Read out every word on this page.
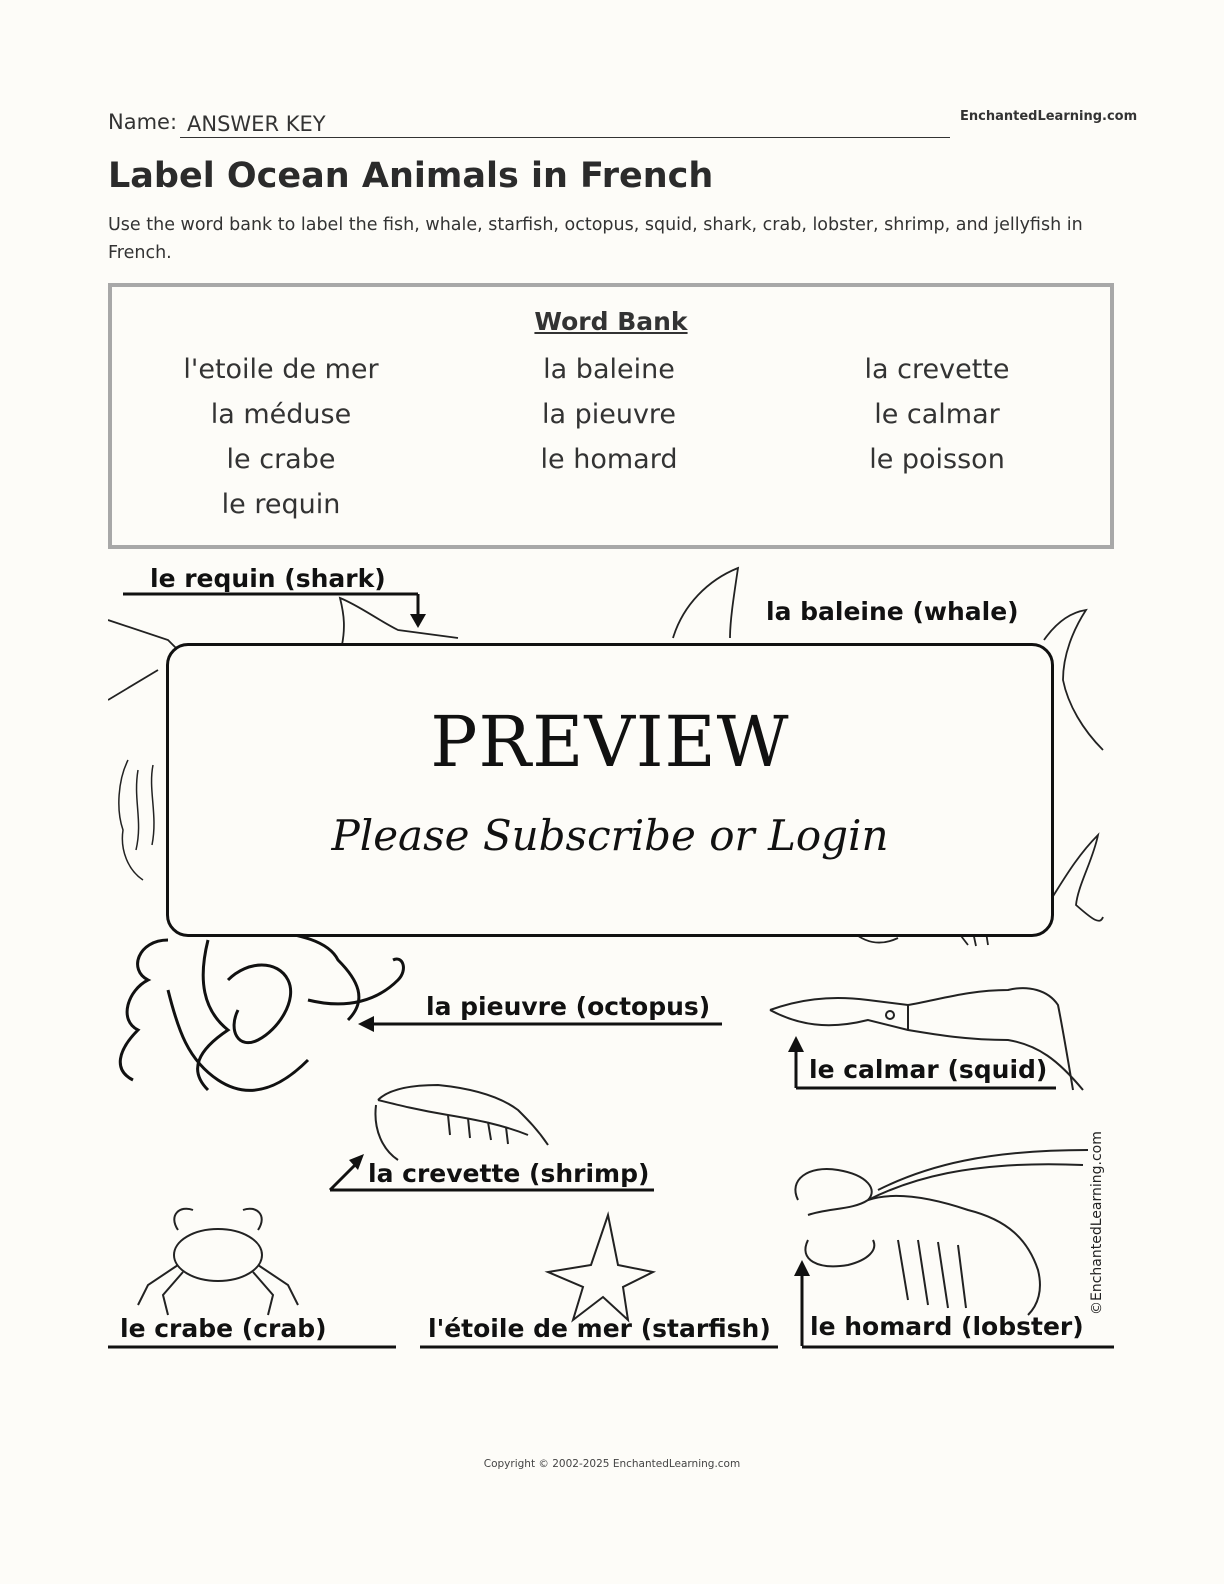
Name: ANSWER KEY	EnchantedLearning.com
Label Ocean Animals in French

Use the word bank to label the fish, whale, starfish, octopus, squid, shark, crab, lobster, shrimp, and jellyfish in French.

Word Bank
l'etoile de mer
la méduse
le crabe
le requin
la baleine
la pieuvre
le homard
la crevette
le calmar
le poisson
le requin (shark)
la baleine (whale)
la pieuvre (octopus)
le calmar (squid)
la crevette (shrimp)
le crabe (crab)	l'étoile de mer (starfish) le homard (lobster)
©EnchantedLearning.com
PREVIEW
Please Subscribe or Login
Copyright © 2002-2025 EnchantedLearning.com
